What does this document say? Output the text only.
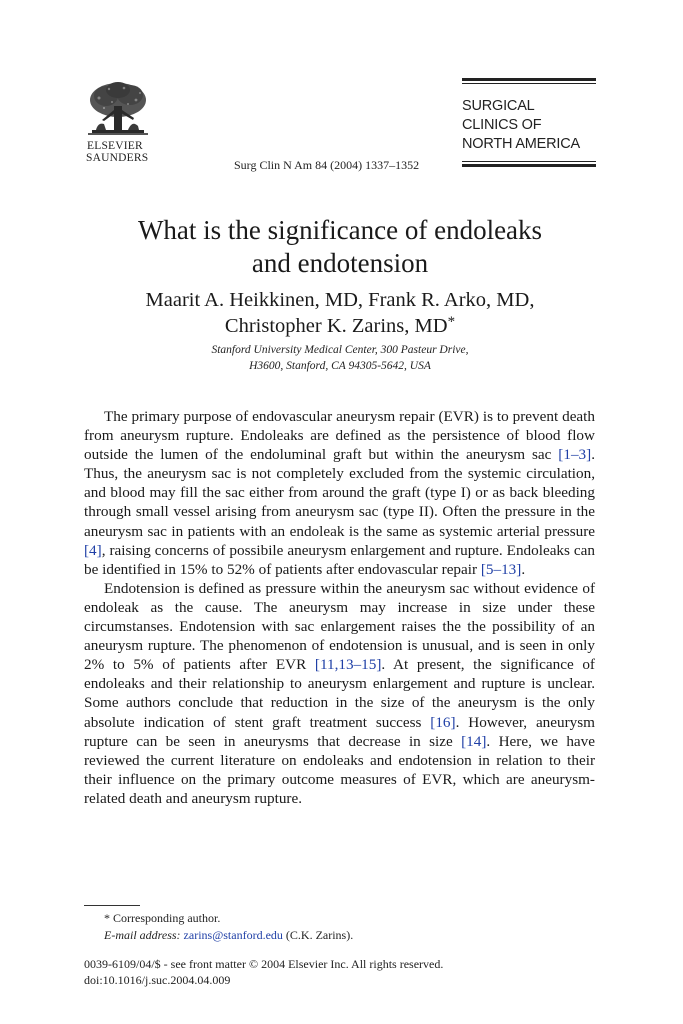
ELSEVIER
SAUNDERS	Surg Clin N Am 84 (2004) 1337–1352
SURGICAL
CLINICS OF
NORTH AMERICA
What is the significance of endoleaks
and endotension
Maarit A. Heikkinen, MD, Frank R. Arko, MD,
Christopher K. Zarins, MD*
Stanford University Medical Center, 300 Pasteur Drive,
H3600, Stanford, CA 94305-5642, USA

The primary purpose of endovascular aneurysm repair (EVR) is to prevent death from aneurysm rupture. Endoleaks are defined as the persistence of blood flow outside the lumen of the endoluminal graft but within the aneurysm sac [1–3]. Thus, the aneurysm sac is not completely excluded from the systemic circulation, and blood may fill the sac either from around the graft (type I) or as back bleeding through small vessel arising from aneurysm sac (type II). Often the pressure in the aneurysm sac in patients with an endoleak is the same as systemic arterial pressure [4], raising concerns of possibile aneurysm enlargement and rupture. Endoleaks can be identified in 15% to 52% of patients after endovascular repair [5–13].

Endotension is defined as pressure within the aneurysm sac without evidence of endoleak as the cause. The aneurysm may increase in size under these circumstanses. Endotension with sac enlargement raises the the possibility of an aneurysm rupture. The phenomenon of endotension is unusual, and is seen in only 2% to 5% of patients after EVR [11,13–15]. At present, the significance of endoleaks and their relationship to aneurysm enlargement and rupture is unclear. Some authors conclude that reduction in the size of the aneurysm is the only absolute indication of stent graft treatment success [16]. However, aneurysm rupture can be seen in aneurysms that decrease in size [14]. Here, we have reviewed the current literature on endoleaks and endotension in relation to their their influence on the primary outcome measures of EVR, which are aneurysm-related death and aneurysm rupture.

* Corresponding author.
E-mail address: zarins@stanford.edu (C.K. Zarins).
0039-6109/04/$ - see front matter © 2004 Elsevier Inc. All rights reserved.
doi:10.1016/j.suc.2004.04.009
